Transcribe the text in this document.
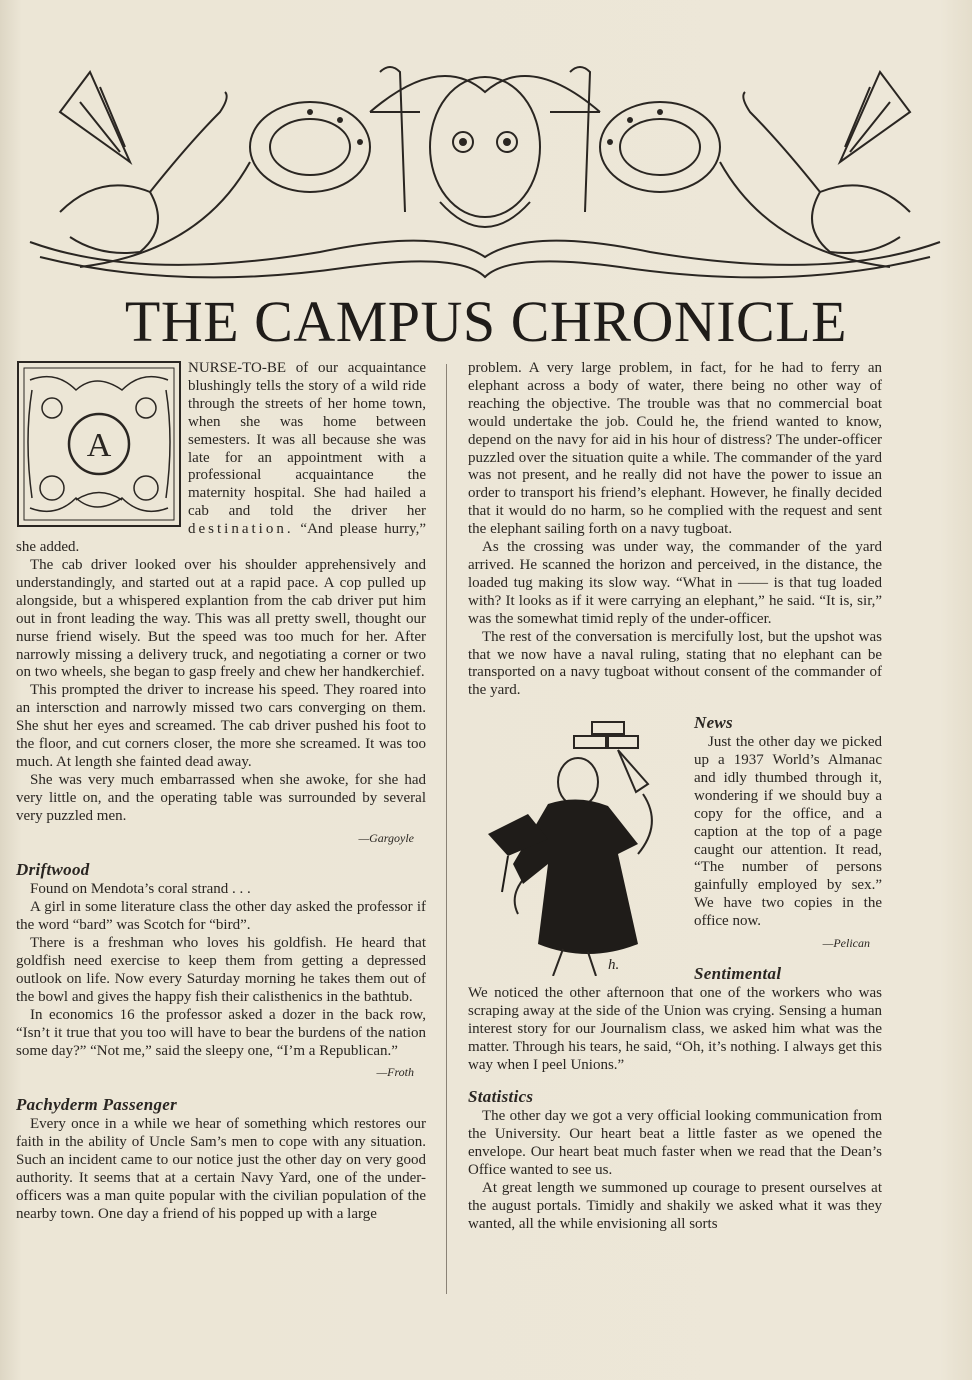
THE CAMPUS CHRONICLE
A

NURSE-TO-BE of our acquaintance blushingly tells the story of a wild ride through the streets of her home town, when she was home between semesters. It was all because she was late for an appointment with a professional acquaintance the maternity hospital. She had hailed a cab and told the driver her destination. “And please hurry,” she added.

The cab driver looked over his shoulder apprehensively and understandingly, and started out at a rapid pace. A cop pulled up alongside, but a whispered explantion from the cab driver put him out in front leading the way. This was all pretty swell, thought our nurse friend wisely. But the speed was too much for her. After narrowly missing a delivery truck, and negotiating a corner or two on two wheels, she began to gasp freely and chew her handkerchief.

This prompted the driver to increase his speed. They roared into an intersction and narrowly missed two cars converging on them. She shut her eyes and screamed. The cab driver pushed his foot to the floor, and cut corners closer, the more she screamed. It was too much. At length she fainted dead away.

She was very much embarrassed when she awoke, for she had very little on, and the operating table was surrounded by several very puzzled men.

—Gargoyle
Driftwood

Found on Mendota’s coral strand . . .

A girl in some literature class the other day asked the professor if the word “bard” was Scotch for “bird”.

There is a freshman who loves his goldfish. He heard that goldfish need exercise to keep them from getting a depressed outlook on life. Now every Saturday morning he takes them out of the bowl and gives the happy fish their calisthenics in the bathtub.

In economics 16 the professor asked a dozer in the back row, “Isn’t it true that you too will have to bear the burdens of the nation some day?” “Not me,” said the sleepy one, “I’m a Republican.”

—Froth
Pachyderm Passenger

Every once in a while we hear of something which restores our faith in the ability of Uncle Sam’s men to cope with any situation. Such an incident came to our notice just the other day on very good authority. It seems that at a certain Navy Yard, one of the under-officers was a man quite popular with the civilian population of the nearby town. One day a friend of his popped up with a large

problem. A very large problem, in fact, for he had to ferry an elephant across a body of water, there being no other way of reaching the objective. The trouble was that no commercial boat would undertake the job. Could he, the friend wanted to know, depend on the navy for aid in his hour of distress? The under-officer puzzled over the situation quite a while. The commander of the yard was not present, and he really did not have the power to issue an order to transport his friend’s elephant. However, he finally decided that it would do no harm, so he complied with the request and sent the elephant sailing forth on a navy tugboat.

As the crossing was under way, the commander of the yard arrived. He scanned the horizon and perceived, in the distance, the loaded tug making its slow way. “What in —— is that tug loaded with? It looks as if it were carrying an elephant,” he said. “It is, sir,” was the somewhat timid reply of the under-officer.

The rest of the conversation is mercifully lost, but the upshot was that we now have a naval ruling, stating that no elephant can be transported on a navy tugboat without consent of the commander of the yard.

h.
News

Just the other day we picked up a 1937 World’s Almanac and idly thumbed through it, wondering if we should buy a copy for the office, and a caption at the top of a page caught our attention. It read, “The number of persons gainfully employed by sex.” We have two copies in the office now.

—Pelican
Sentimental

We noticed the other afternoon that one of the workers who was scraping away at the side of the Union was crying. Sensing a human interest story for our Journalism class, we asked him what was the matter. Through his tears, he said, “Oh, it’s nothing. I always get this way when I peel Unions.”

Statistics

The other day we got a very official looking communication from the University. Our heart beat a little faster as we opened the envelope. Our heart beat much faster when we read that the Dean’s Office wanted to see us.

At great length we summoned up courage to present ourselves at the august portals. Timidly and shakily we asked what it was they wanted, all the while envisioning all sorts
